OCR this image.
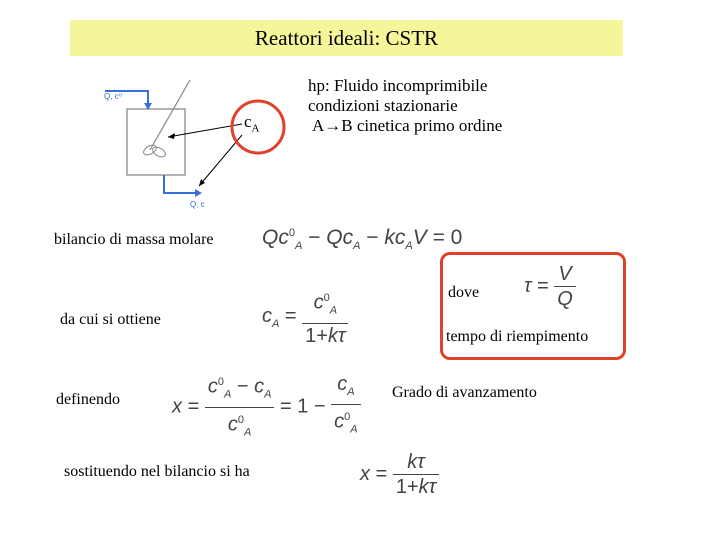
Reattori ideali: CSTR
Q, c⁰
Q, c
$c_A$
hp: Fluido incomprimibile
condizioni stazionarie
A→B cinetica primo ordine
bilancio di massa molare $Qc^0_A - Qc_A - kc_AV = 0$
dove $\tau = \frac{V}{Q}$
tempo di riempimento
da cui si ottiene	$c_A = \frac{c^0_A}{1+k\tau}$
definendo	$x = \frac{c^0_A - c_A}{c^0_A} = 1 - \frac{c_A}{c^0_A}$ Grado di avanzamento
sostituendo nel bilancio si ha	$x = \frac{k\tau}{1+k\tau}$
